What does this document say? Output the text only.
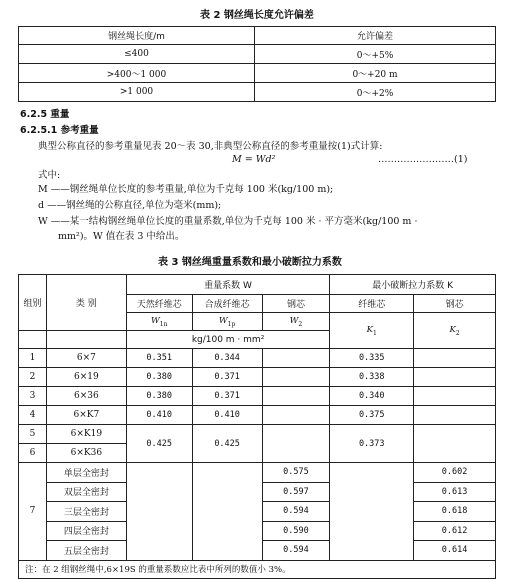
表 2 钢丝绳长度允许偏差
钢丝绳长度/m	允许偏差
≤400	0～+5%
>400～1 000	0～+20 m
>1 000	0～+2%
6.2.5 重量
6.2.5.1 参考重量
典型公称直径的参考重量见表 20～表 30,非典型公称直径的参考重量按(1)式计算:
M = Wd²	……………………(1)
式中:
M ——钢丝绳单位长度的参考重量,单位为千克每 100 米(kg/100 m);
d ——钢丝绳的公称直径,单位为毫米(mm);
W ——某一结构钢丝绳单位长度的重量系数,单位为千克每 100 米 · 平方毫米(kg/100 m ·
mm²)。W 值在表 3 中给出。
表 3 钢丝绳重量系数和最小破断拉力系数
组别	类 别	重量系数 W			最小破断拉力系数 K	
		天然纤维芯	合成纤维芯	钢芯	纤维芯	钢芯
		$W_{1n}$	$W_{1p}$	$W_2$	$K_1$	$K_2$
		kg/100 m · mm²				
1	6×7	0.351	0.344		0.335	
2	6×19	0.380	0.371		0.338	
3	6×36	0.380	0.371		0.340	
4	6×K7	0.410	0.410		0.375	
5	6×K19	0.425	0.425		0.373	
6	6×K36					
7	单层全密封			0.575		0.602
	双层全密封			0.597		0.613
	三层全密封			0.594		0.618
	四层全密封			0.590		0.612
	五层全密封			0.594		0.614
注：在 2 组钢丝绳中,6×19S 的重量系数应比表中所列的数值小 3%。						
